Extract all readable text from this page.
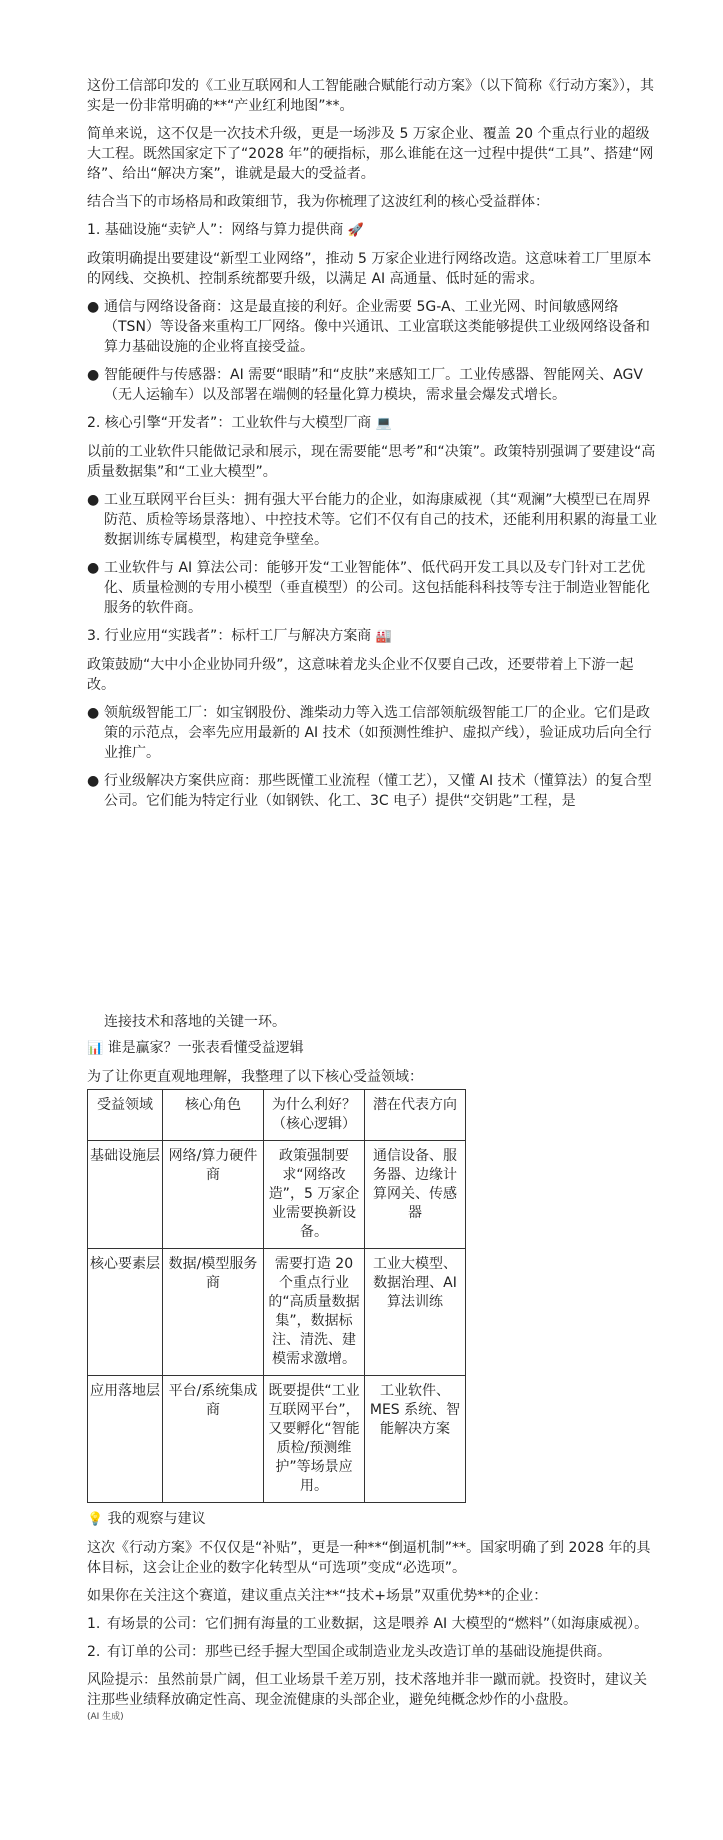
这份工信部印发的《工业互联网和人工智能融合赋能行动方案》（以下简称《行动方案》），其实是一份非常明确的**“产业红利地图”**。

简单来说，这不仅是一次技术升级，更是一场涉及 5 万家企业、覆盖 20 个重点行业的超级大工程。既然国家定下了“2028 年”的硬指标，那么谁能在这一过程中提供“工具”、搭建“网络”、给出“解决方案”，谁就是最大的受益者。

结合当下的市场格局和政策细节，我为你梳理了这波红利的核心受益群体：

1. 基础设施“卖铲人”：网络与算力提供商 🚀

政策明确提出要建设“新型工业网络”，推动 5 万家企业进行网络改造。这意味着工厂里原本的网线、交换机、控制系统都要升级，以满足 AI 高通量、低时延的需求。

● 通信与网络设备商：这是最直接的利好。企业需要 5G-A、工业光网、时间敏感网络（TSN）等设备来重构工厂网络。像中兴通讯、工业富联这类能够提供工业级网络设备和算力基础设施的企业将直接受益。
● 智能硬件与传感器：AI 需要“眼睛”和“皮肤”来感知工厂。工业传感器、智能网关、AGV（无人运输车）以及部署在端侧的轻量化算力模块，需求量会爆发式增长。
2. 核心引擎“开发者”：工业软件与大模型厂商 💻

以前的工业软件只能做记录和展示，现在需要能“思考”和“决策”。政策特别强调了要建设“高质量数据集”和“工业大模型”。

● 工业互联网平台巨头：拥有强大平台能力的企业，如海康威视（其“观澜”大模型已在周界防范、质检等场景落地）、中控技术等。它们不仅有自己的技术，还能利用积累的海量工业数据训练专属模型，构建竞争壁垒。
● 工业软件与 AI 算法公司：能够开发“工业智能体”、低代码开发工具以及专门针对工艺优化、质量检测的专用小模型（垂直模型）的公司。这包括能科科技等专注于制造业智能化服务的软件商。
3. 行业应用“实践者”：标杆工厂与解决方案商 🏭

政策鼓励“大中小企业协同升级”，这意味着龙头企业不仅要自己改，还要带着上下游一起改。

● 领航级智能工厂：如宝钢股份、潍柴动力等入选工信部领航级智能工厂的企业。它们是政策的示范点，会率先应用最新的 AI 技术（如预测性维护、虚拟产线），验证成功后向全行业推广。
● 行业级解决方案供应商：那些既懂工业流程（懂工艺），又懂 AI 技术（懂算法）的复合型公司。它们能为特定行业（如钢铁、化工、3C 电子）提供“交钥匙”工程，是
连接技术和落地的关键一环。
📊 谁是赢家？一张表看懂受益逻辑

为了让你更直观地理解，我整理了以下核心受益领域：

受益领域	核心角色	为什么利好？（核心逻辑）	潜在代表方向
基础设施层	网络/算力硬件商	政策强制要求“网络改造”，5 万家企业需要换新设备。	通信设备、服务器、边缘计算网关、传感器
核心要素层	数据/模型服务商	需要打造 20 个重点行业的“高质量数据集”，数据标注、清洗、建模需求激增。	工业大模型、数据治理、AI 算法训练
应用落地层	平台/系统集成商	既要提供“工业互联网平台”，又要孵化“智能质检/预测维护”等场景应用。	工业软件、MES 系统、智能解决方案
💡 我的观察与建议

这次《行动方案》不仅仅是“补贴”，更是一种**“倒逼机制”**。国家明确了到 2028 年的具体目标，这会让企业的数字化转型从“可选项”变成“必选项”。

如果你在关注这个赛道，建议重点关注**“技术+场景”双重优势**的企业：

1. 有场景的公司：它们拥有海量的工业数据，这是喂养 AI 大模型的“燃料”（如海康威视）。
2. 有订单的公司：那些已经手握大型国企或制造业龙头改造订单的基础设施提供商。

风险提示：虽然前景广阔，但工业场景千差万别，技术落地并非一蹴而就。投资时，建议关注那些业绩释放确定性高、现金流健康的头部企业，避免纯概念炒作的小盘股。

(AI 生成)
